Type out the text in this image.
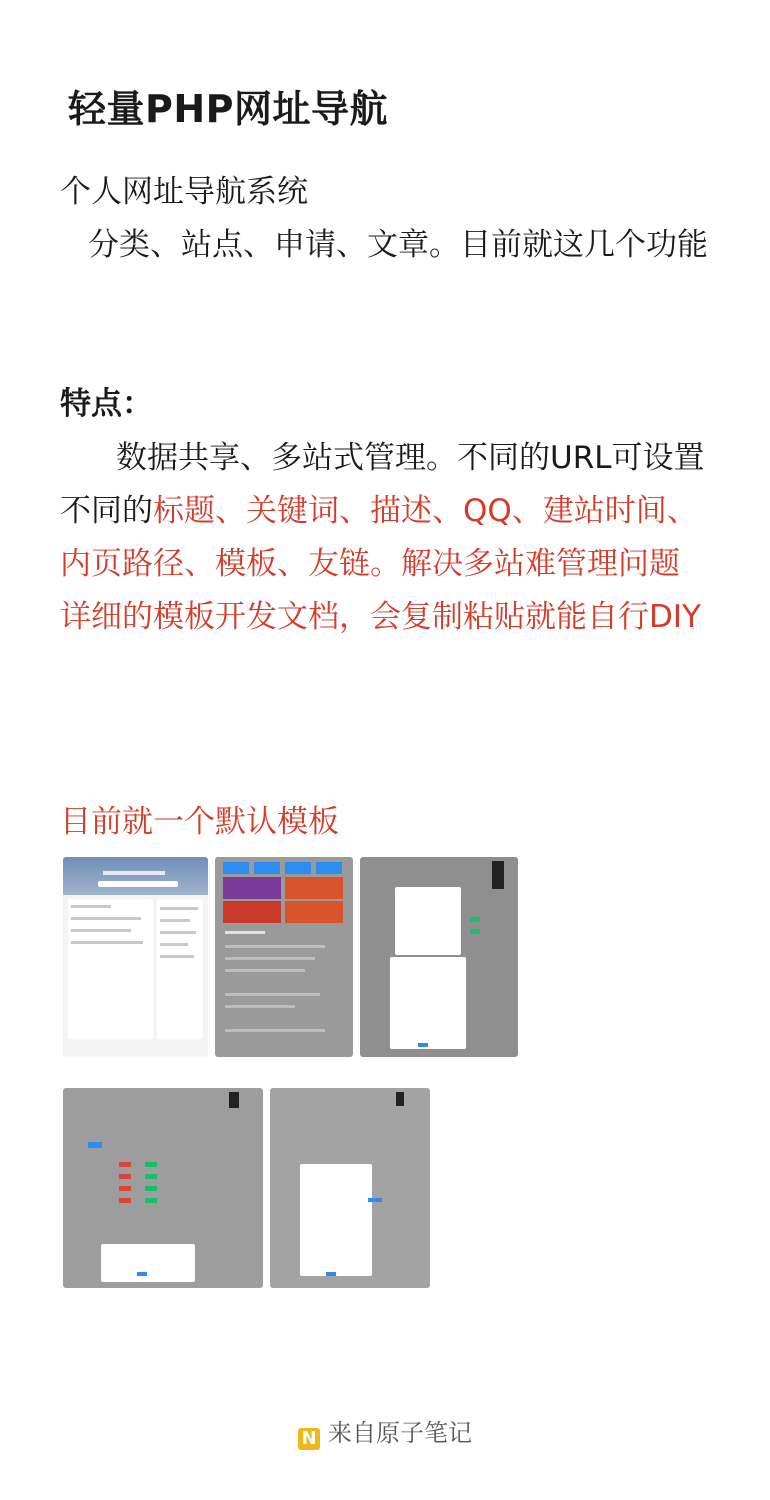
轻量PHP网址导航

个人网址导航系统
分类、站点、申请、文章。目前就这几个功能

特点：

数据共享、多站式管理。不同的URL可设置不同的标题、关键词、描述、QQ、建站时间、内页路径、模板、友链。解决多站难管理问题
详细的模板开发文档，会复制粘贴就能自行DIY

目前就一个默认模板

N 来自原子笔记
